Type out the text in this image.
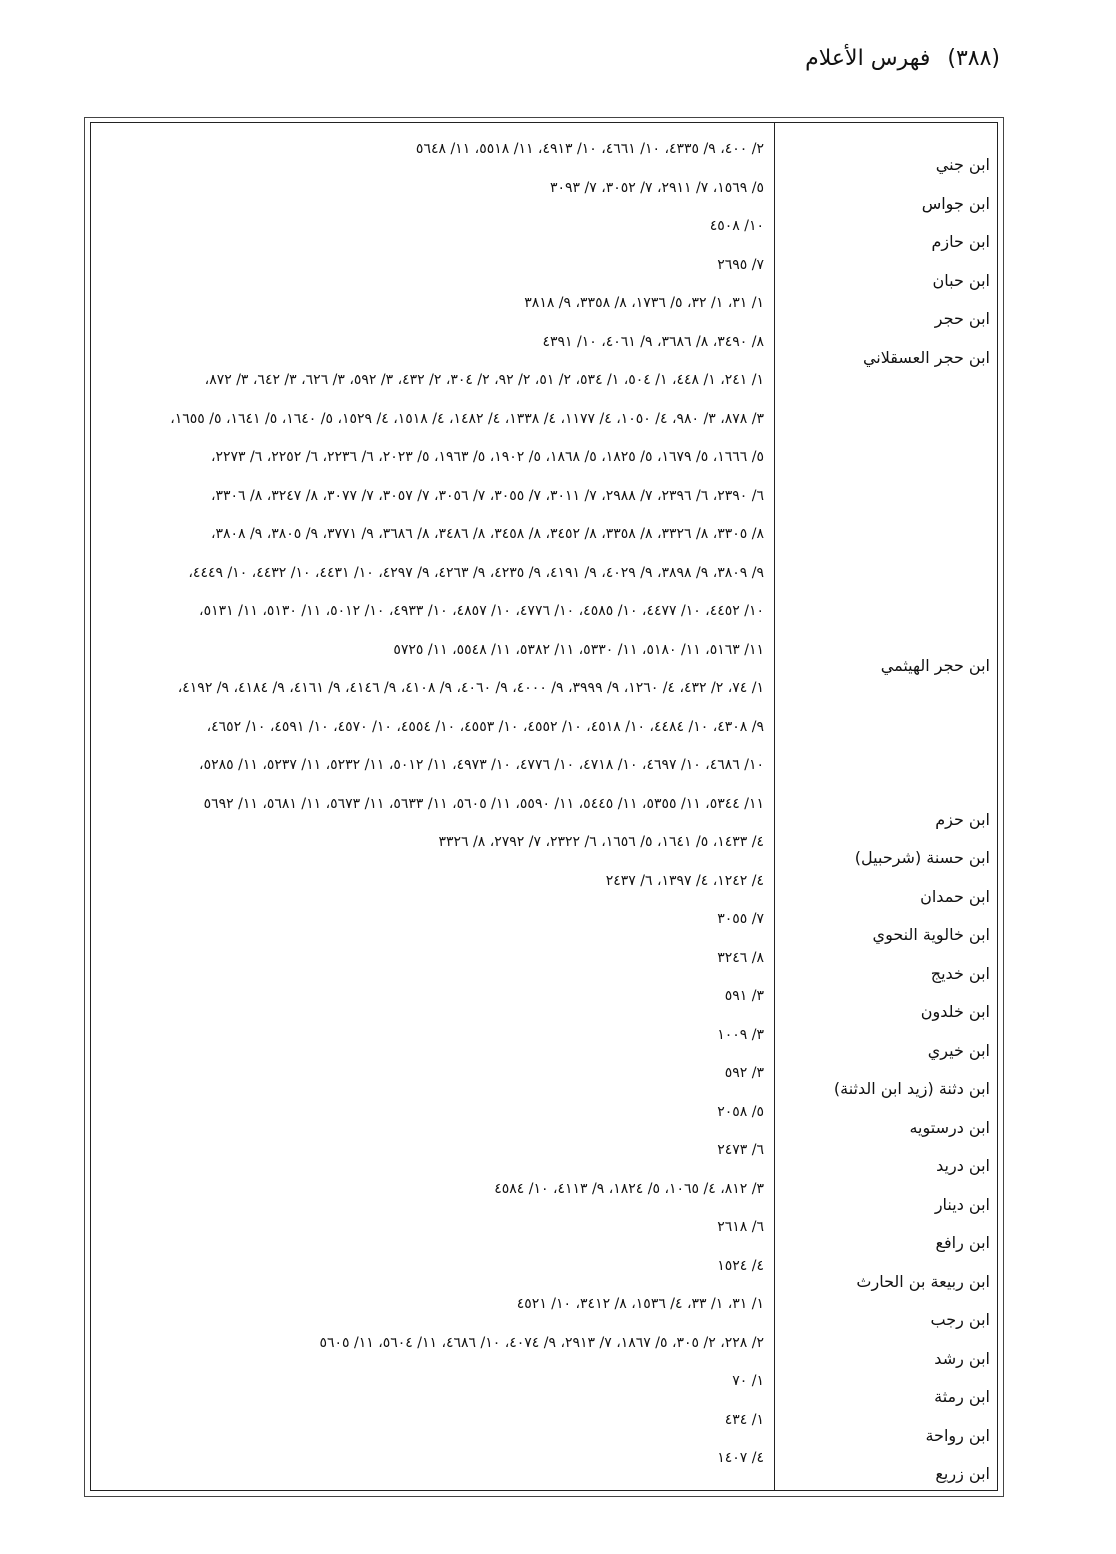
(٣٨٨) فهرس الأعلام
ابن جني
٢/ ٤٠٠، ٩/ ٤٣٣٥، ١٠/ ٤٦٦١، ١٠/ ٤٩١٣، ١١/ ٥٥١٨، ١١/ ٥٦٤٨
ابن جواس
٥/ ١٥٦٩، ٧/ ٢٩١١، ٧/ ٣٠٥٢، ٧/ ٣٠٩٣
ابن حازم
١٠/ ٤٥٠٨
ابن حبان
٧/ ٢٦٩٥
ابن حجر
١/ ٣١، ١/ ٣٢، ٥/ ١٧٣٦، ٨/ ٣٣٥٨، ٩/ ٣٨١٨
ابن حجر العسقلاني
٨/ ٣٤٩٠، ٨/ ٣٦٨٦، ٩/ ٤٠٦١، ١٠/ ٤٣٩١
١/ ٢٤١، ١/ ٤٤٨، ١/ ٥٠٤، ١/ ٥٣٤، ٢/ ٥١، ٢/ ٩٢، ٢/ ٣٠٤، ٢/ ٤٣٢، ٣/ ٥٩٢، ٣/ ٦٢٦، ٣/ ٦٤٢، ٣/ ٨٧٢،
٣/ ٨٧٨، ٣/ ٩٨٠، ٤/ ١٠٥٠، ٤/ ١١٧٧، ٤/ ١٣٣٨، ٤/ ١٤٨٢، ٤/ ١٥١٨، ٤/ ١٥٢٩، ٥/ ١٦٤٠، ٥/ ١٦٤١، ٥/ ١٦٥٥،
٥/ ١٦٦٦، ٥/ ١٦٧٩، ٥/ ١٨٢٥، ٥/ ١٨٦٨، ٥/ ١٩٠٢، ٥/ ١٩٦٣، ٥/ ٢٠٢٣، ٦/ ٢٢٣٦، ٦/ ٢٢٥٢، ٦/ ٢٢٧٣،
٦/ ٢٣٩٠، ٦/ ٢٣٩٦، ٧/ ٢٩٨٨، ٧/ ٣٠١١، ٧/ ٣٠٥٥، ٧/ ٣٠٥٦، ٧/ ٣٠٥٧، ٧/ ٣٠٧٧، ٨/ ٣٢٤٧، ٨/ ٣٣٠٦،
٨/ ٣٣٠٥، ٨/ ٣٣٢٦، ٨/ ٣٣٥٨، ٨/ ٣٤٥٢، ٨/ ٣٤٥٨، ٨/ ٣٤٨٦، ٨/ ٣٦٨٦، ٩/ ٣٧٧١، ٩/ ٣٨٠٥، ٩/ ٣٨٠٨،
٩/ ٣٨٠٩، ٩/ ٣٨٩٨، ٩/ ٤٠٢٩، ٩/ ٤١٩١، ٩/ ٤٢٣٥، ٩/ ٤٢٦٣، ٩/ ٤٢٩٧، ١٠/ ٤٤٣١، ١٠/ ٤٤٣٢، ١٠/ ٤٤٤٩،
١٠/ ٤٤٥٢، ١٠/ ٤٤٧٧، ١٠/ ٤٥٨٥، ١٠/ ٤٧٧٦، ١٠/ ٤٨٥٧، ١٠/ ٤٩٣٣، ١٠/ ٥٠١٢، ١١/ ٥١٣٠، ١١/ ٥١٣١،
ابن حجر الهيثمي
١١/ ٥١٦٣، ١١/ ٥١٨٠، ١١/ ٥٣٣٠، ١١/ ٥٣٨٢، ١١/ ٥٥٤٨، ١١/ ٥٧٢٥
١/ ٧٤، ٢/ ٤٣٢، ٤/ ١٢٦٠، ٩/ ٣٩٩٩، ٩/ ٤٠٠٠، ٩/ ٤٠٦٠، ٩/ ٤١٠٨، ٩/ ٤١٤٦، ٩/ ٤١٦١، ٩/ ٤١٨٤، ٩/ ٤١٩٢،
٩/ ٤٣٠٨، ١٠/ ٤٤٨٤، ١٠/ ٤٥١٨، ١٠/ ٤٥٥٢، ١٠/ ٤٥٥٣، ١٠/ ٤٥٥٤، ١٠/ ٤٥٧٠، ١٠/ ٤٥٩١، ١٠/ ٤٦٥٢،
١٠/ ٤٦٨٦، ١٠/ ٤٦٩٧، ١٠/ ٤٧١٨، ١٠/ ٤٧٧٦، ١٠/ ٤٩٧٣، ١١/ ٥٠١٢، ١١/ ٥٢٣٢، ١١/ ٥٢٣٧، ١١/ ٥٢٨٥،
ابن حزم
١١/ ٥٣٤٤، ١١/ ٥٣٥٥، ١١/ ٥٤٤٥، ١١/ ٥٥٩٠، ١١/ ٥٦٠٥، ١١/ ٥٦٣٣، ١١/ ٥٦٧٣، ١١/ ٥٦٨١، ١١/ ٥٦٩٢
ابن حسنة (شرحبيل)
٤/ ١٤٣٣، ٥/ ١٦٤١، ٥/ ١٦٥٦، ٦/ ٢٣٢٢، ٧/ ٢٧٩٢، ٨/ ٣٣٢٦
ابن حمدان
٤/ ١٢٤٢، ٤/ ١٣٩٧، ٦/ ٢٤٣٧
ابن خالوية النحوي
٧/ ٣٠٥٥
ابن خديج
٨/ ٣٢٤٦
ابن خلدون
٣/ ٥٩١
ابن خيري
٣/ ١٠٠٩
ابن دثنة (زيد ابن الدثنة)
٣/ ٥٩٢
ابن درستويه
٥/ ٢٠٥٨
ابن دريد
٦/ ٢٤٧٣
ابن دينار
٣/ ٨١٢، ٤/ ١٠٦٥، ٥/ ١٨٢٤، ٩/ ٤١١٣، ١٠/ ٤٥٨٤
ابن رافع
٦/ ٢٦١٨
ابن ربيعة بن الحارث
٤/ ١٥٢٤
ابن رجب
١/ ٣١، ١/ ٣٣، ٤/ ١٥٣٦، ٨/ ٣٤١٢، ١٠/ ٤٥٢١
ابن رشد
٢/ ٢٢٨، ٢/ ٣٠٥، ٥/ ١٨٦٧، ٧/ ٢٩١٣، ٩/ ٤٠٧٤، ١٠/ ٤٦٨٦، ١١/ ٥٦٠٤، ١١/ ٥٦٠٥
ابن رمثة
١/ ٧٠
ابن رواحة
١/ ٤٣٤
ابن زريع
٤/ ١٤٠٧
